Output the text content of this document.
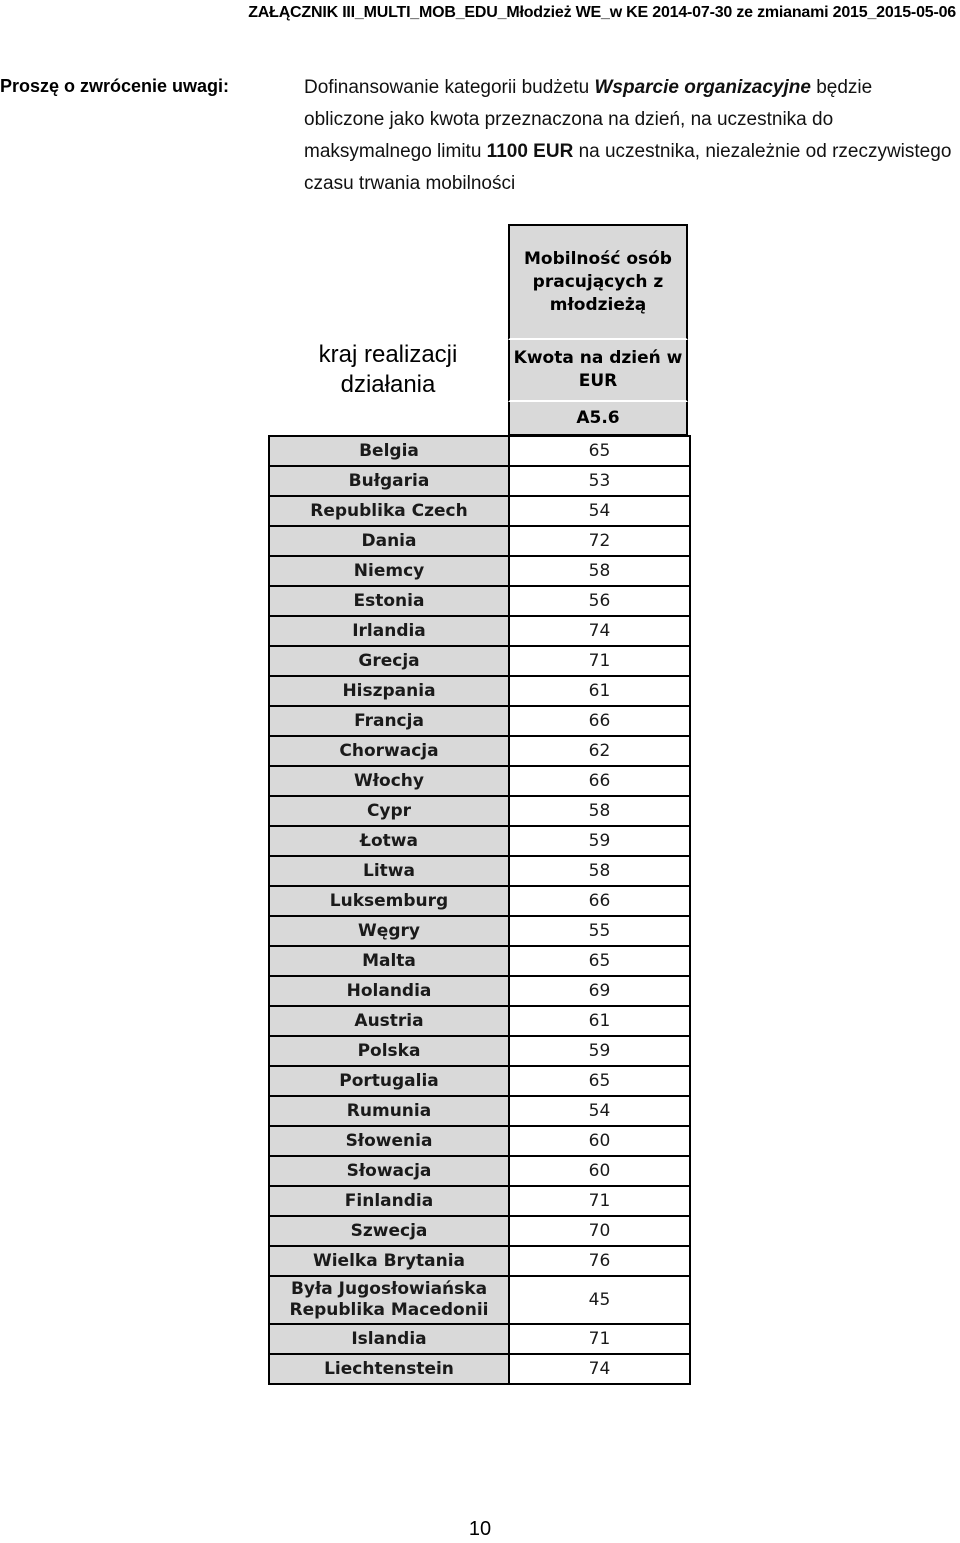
ZAŁĄCZNIK III_MULTI_MOB_EDU_Młodzież WE_w KE 2014-07-30 ze zmianami 2015_2015-05-06
Proszę o zwrócenie uwagi:	Dofinansowanie kategorii budżetu Wsparcie organizacyjne będzie obliczone jako kwota przeznaczona na dzień, na uczestnika do maksymalnego limitu 1100 EUR na uczestnika, niezależnie od rzeczywistego czasu trwania mobilności
kraj realizacji działania
Mobilność osób pracujących z młodzieżą
Kwota na dzień w EUR
A5.6
Belgia	65
Bułgaria	53
Republika Czech	54
Dania	72
Niemcy	58
Estonia	56
Irlandia	74
Grecja	71
Hiszpania	61
Francja	66
Chorwacja	62
Włochy	66
Cypr	58
Łotwa	59
Litwa	58
Luksemburg	66
Węgry	55
Malta	65
Holandia	69
Austria	61
Polska	59
Portugalia	65
Rumunia	54
Słowenia	60
Słowacja	60
Finlandia	71
Szwecja	70
Wielka Brytania	76
Była Jugosłowiańska Republika Macedonii	45
Islandia	71
Liechtenstein	74
10
